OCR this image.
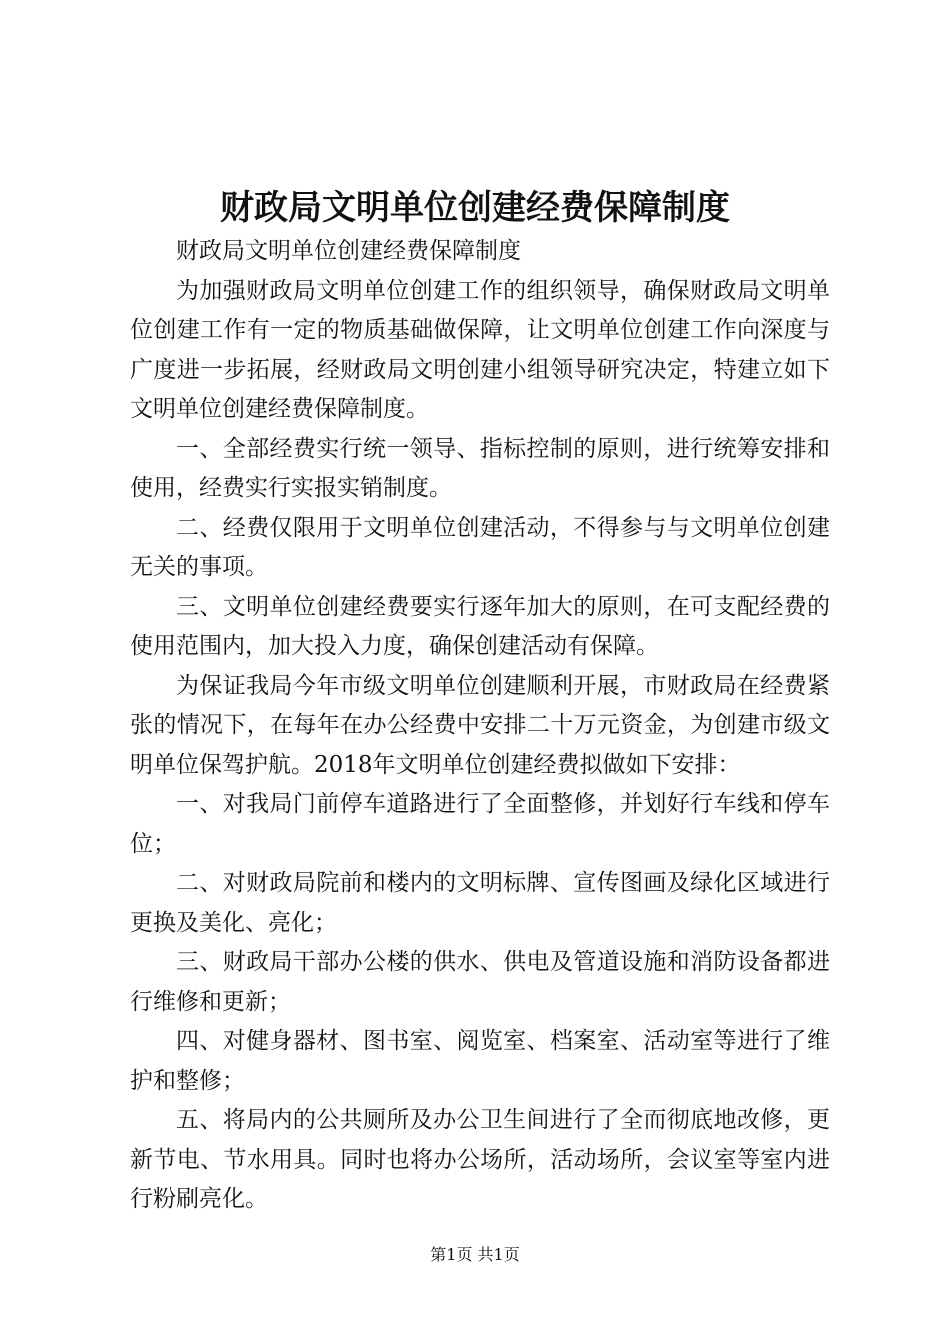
财政局文明单位创建经费保障制度

财政局文明单位创建经费保障制度

为加强财政局文明单位创建工作的组织领导，确保财政局文明单位创建工作有一定的物质基础做保障，让文明单位创建工作向深度与广度进一步拓展，经财政局文明创建小组领导研究决定，特建立如下文明单位创建经费保障制度。

一、全部经费实行统一领导、指标控制的原则，进行统筹安排和使用，经费实行实报实销制度。

二、经费仅限用于文明单位创建活动，不得参与与文明单位创建无关的事项。

三、文明单位创建经费要实行逐年加大的原则，在可支配经费的使用范围内，加大投入力度，确保创建活动有保障。

为保证我局今年市级文明单位创建顺利开展，市财政局在经费紧张的情况下，在每年在办公经费中安排二十万元资金，为创建市级文明单位保驾护航。2018年文明单位创建经费拟做如下安排：

一、对我局门前停车道路进行了全面整修，并划好行车线和停车位；

二、对财政局院前和楼内的文明标牌、宣传图画及绿化区域进行更换及美化、亮化；

三、财政局干部办公楼的供水、供电及管道设施和消防设备都进行维修和更新；

四、对健身器材、图书室、阅览室、档案室、活动室等进行了维护和整修；

五、将局内的公共厕所及办公卫生间进行了全而彻底地改修，更新节电、节水用具。同时也将办公场所，活动场所，会议室等室内进行粉刷亮化。

第1页 共1页
